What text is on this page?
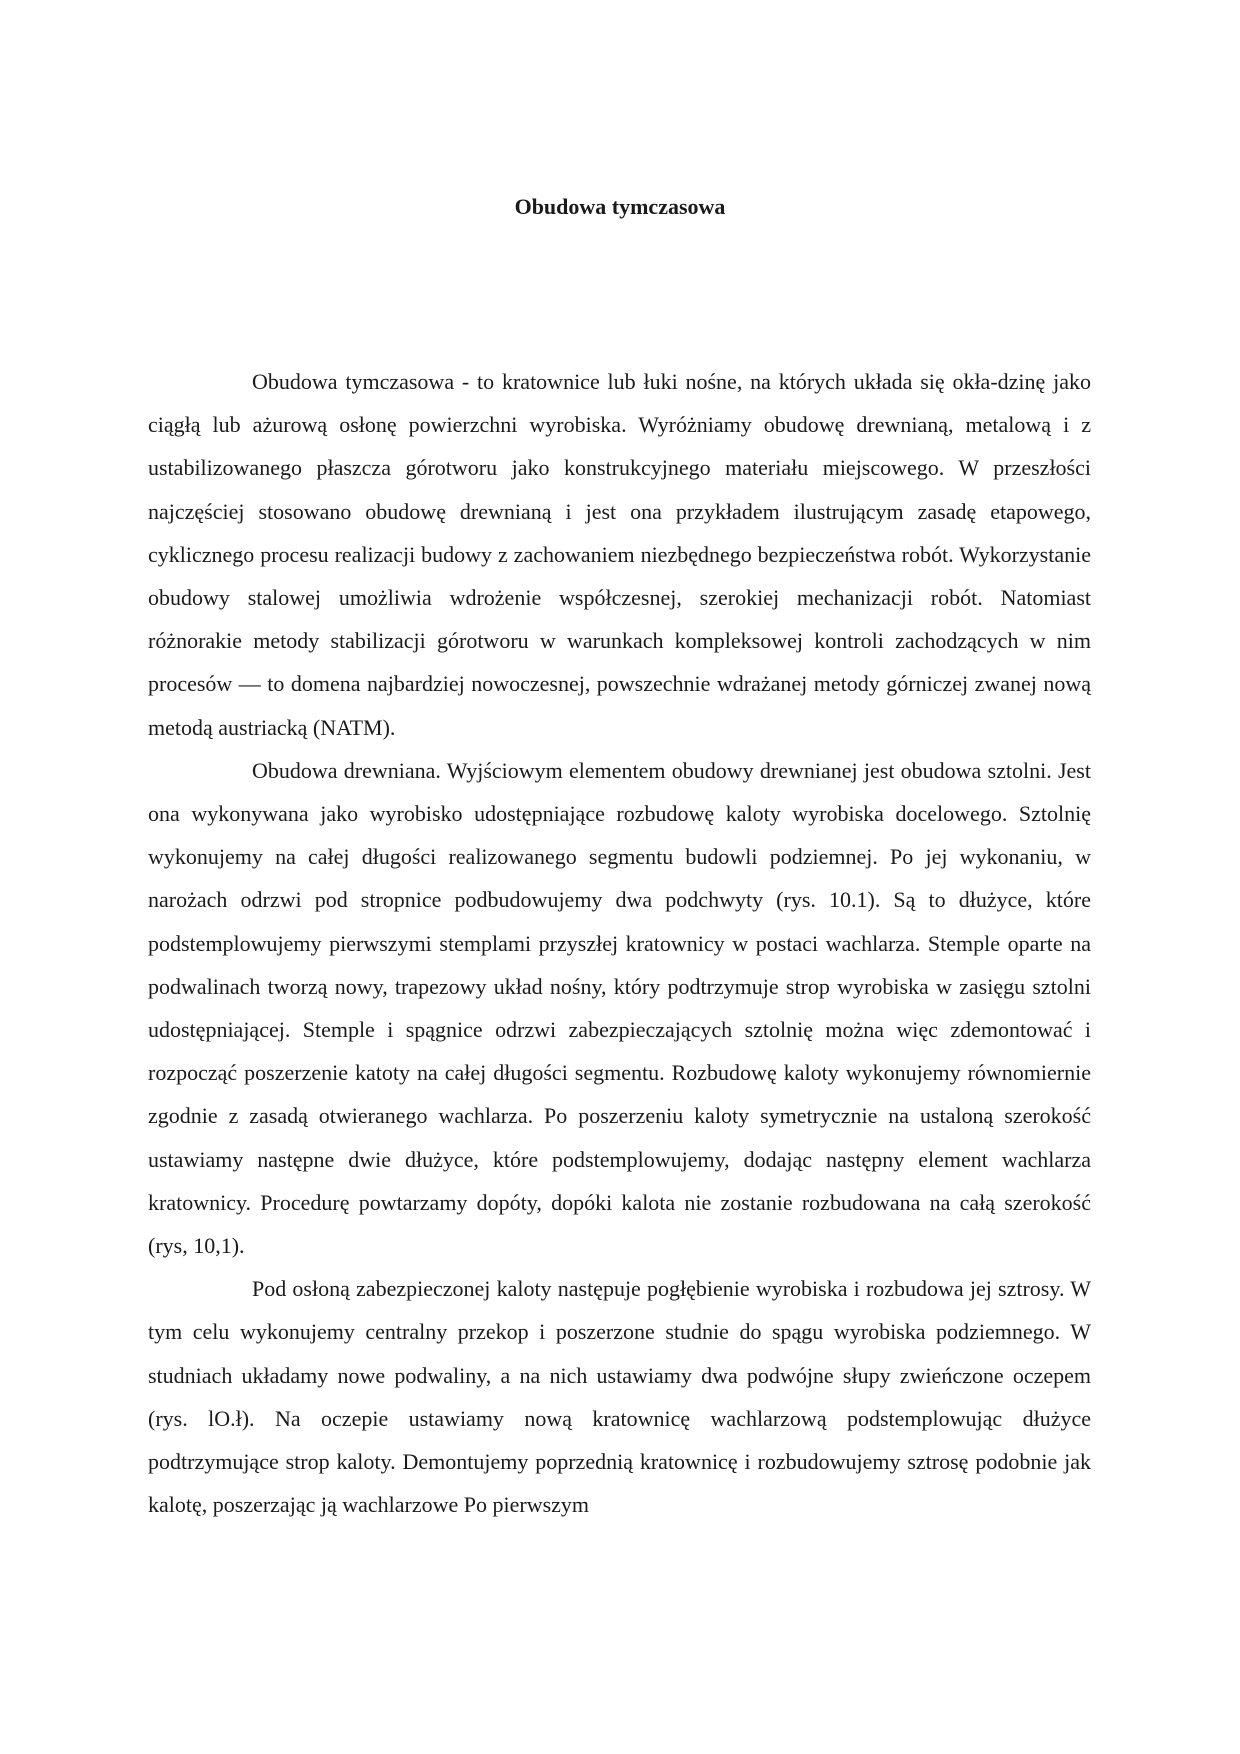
Obudowa tymczasowa

Obudowa tymczasowa - to kratownice lub łuki nośne, na których układa się okła-dzinę jako ciągłą lub ażurową osłonę powierzchni wyrobiska. Wyróżniamy obudowę drewnianą, metalową i z ustabilizowanego płaszcza górotworu jako konstrukcyjnego materiału miejscowego. W przeszłości najczęściej stosowano obudowę drewnianą i jest ona przykładem ilustrującym zasadę etapowego, cyklicznego procesu realizacji budowy z zachowaniem niezbędnego bezpieczeństwa robót. Wykorzystanie obudowy stalowej umożliwia wdrożenie współczesnej, szerokiej mechanizacji robót. Natomiast różnorakie metody stabilizacji górotworu w warunkach kompleksowej kontroli zachodzących w nim procesów — to domena najbardziej nowoczesnej, powszechnie wdrażanej metody górniczej zwanej nową metodą austriacką (NATM).

Obudowa drewniana. Wyjściowym elementem obudowy drewnianej jest obudowa sztolni. Jest ona wykonywana jako wyrobisko udostępniające rozbudowę kaloty wyrobiska docelowego. Sztolnię wykonujemy na całej długości realizowanego segmentu budowli podziemnej. Po jej wykonaniu, w narożach odrzwi pod stropnice podbudowujemy dwa podchwyty (rys. 10.1). Są to dłużyce, które podstemplowujemy pierwszymi stemplami przyszłej kratownicy w postaci wachlarza. Stemple oparte na podwalinach tworzą nowy, trapezowy układ nośny, który podtrzymuje strop wyrobiska w zasięgu sztolni udostępniającej. Stemple i spągnice odrzwi zabezpieczających sztolnię można więc zdemontować i rozpocząć poszerzenie katoty na całej długości segmentu. Rozbudowę kaloty wykonujemy równomiernie zgodnie z zasadą otwieranego wachlarza. Po poszerzeniu kaloty symetrycznie na ustaloną szerokość ustawiamy następne dwie dłużyce, które podstemplowujemy, dodając następny element wachlarza kratownicy. Procedurę powtarzamy dopóty, dopóki kalota nie zostanie rozbudowana na całą szerokość (rys, 10,1).

Pod osłoną zabezpieczonej kaloty następuje pogłębienie wyrobiska i rozbudowa jej sztrosy. W tym celu wykonujemy centralny przekop i poszerzone studnie do spągu wyrobiska podziemnego. W studniach układamy nowe podwaliny, a na nich ustawiamy dwa podwójne słupy zwieńczone oczepem (rys. lO.ł). Na oczepie ustawiamy nową kratownicę wachlarzową podstemplowując dłużyce podtrzymujące strop kaloty. Demontujemy poprzednią kratownicę i rozbudowujemy sztrosę podobnie jak kalotę, poszerzając ją wachlarzowe Po pierwszym
